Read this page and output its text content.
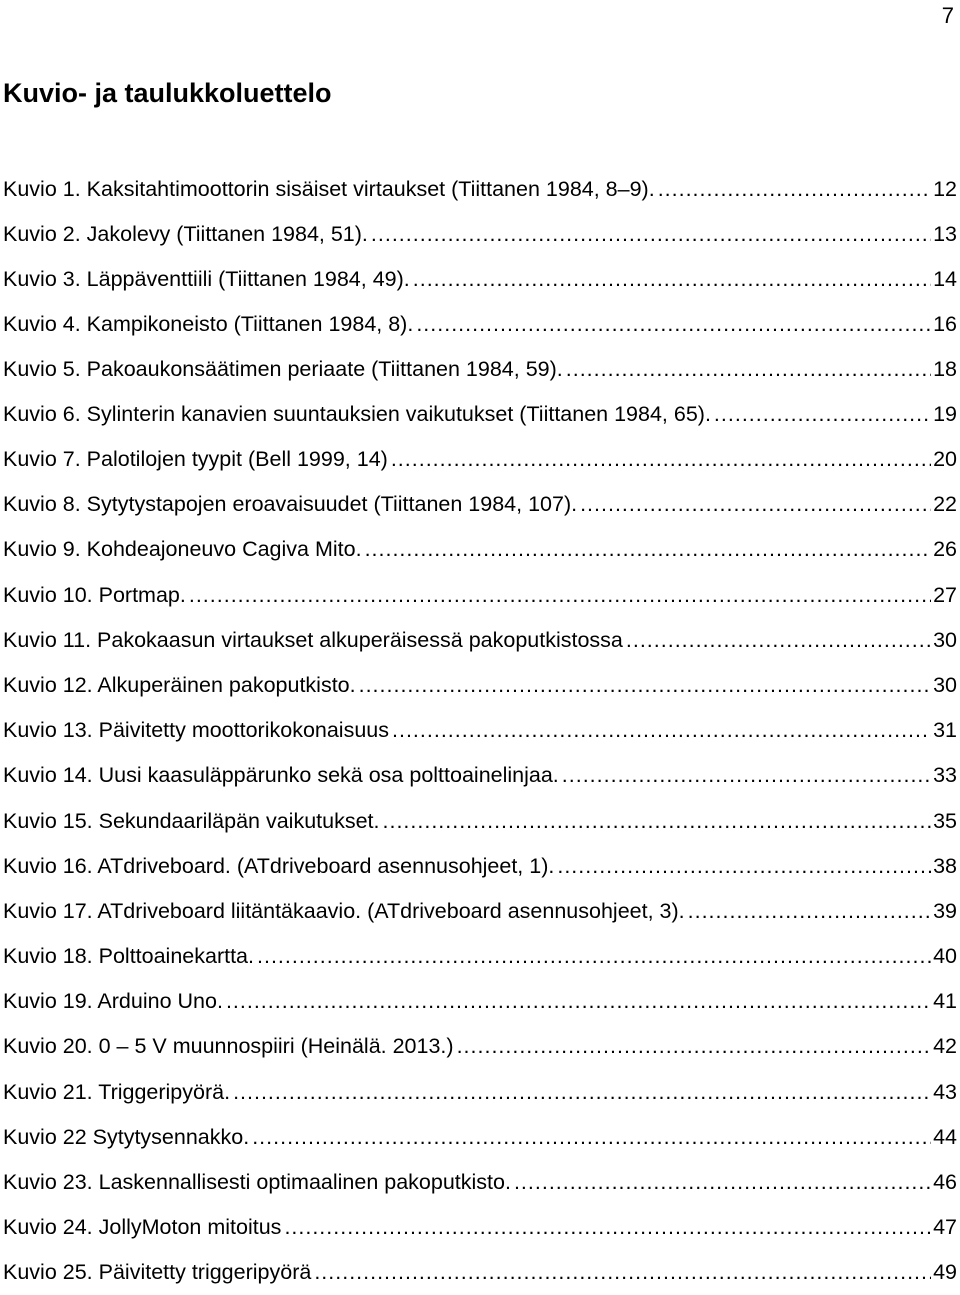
7
Kuvio- ja taulukkoluettelo
Kuvio 1. Kaksitahtimoottorin sisäiset virtaukset (Tiittanen 1984, 8–9). .....	12
Kuvio 2. Jakolevy (Tiittanen 1984, 51). .....	13
Kuvio 3. Läppäventtiili (Tiittanen 1984, 49). .....	14
Kuvio 4. Kampikoneisto (Tiittanen 1984, 8). .....	16
Kuvio 5. Pakoaukonsäätimen periaate (Tiittanen 1984, 59). .....	18
Kuvio 6. Sylinterin kanavien suuntauksien vaikutukset (Tiittanen 1984, 65). .....	19
Kuvio 7. Palotilojen tyypit (Bell 1999, 14) .....	20
Kuvio 8. Sytytystapojen eroavaisuudet (Tiittanen 1984, 107). .....	22
Kuvio 9. Kohdeajoneuvo Cagiva Mito. .....	26
Kuvio 10. Portmap. .....	27
Kuvio 11. Pakokaasun virtaukset alkuperäisessä pakoputkistossa .....	30
Kuvio 12. Alkuperäinen pakoputkisto. .....	30
Kuvio 13. Päivitetty moottorikokonaisuus .....	31
Kuvio 14. Uusi kaasuläppärunko sekä osa polttoainelinjaa. .....	33
Kuvio 15. Sekundaariläpän vaikutukset. .....	35
Kuvio 16. ATdriveboard. (ATdriveboard asennusohjeet, 1). .....	38
Kuvio 17. ATdriveboard liitäntäkaavio. (ATdriveboard asennusohjeet, 3). .....	39
Kuvio 18. Polttoainekartta. .....	40
Kuvio 19. Arduino Uno. .....	41
Kuvio 20. 0 – 5 V muunnospiiri (Heinälä. 2013.) .....	42
Kuvio 21. Triggeripyörä. .....	43
Kuvio 22 Sytytysennakko. .....	44
Kuvio 23. Laskennallisesti optimaalinen pakoputkisto. .....	46
Kuvio 24. JollyMoton mitoitus .....	47
Kuvio 25. Päivitetty triggeripyörä .....	49
